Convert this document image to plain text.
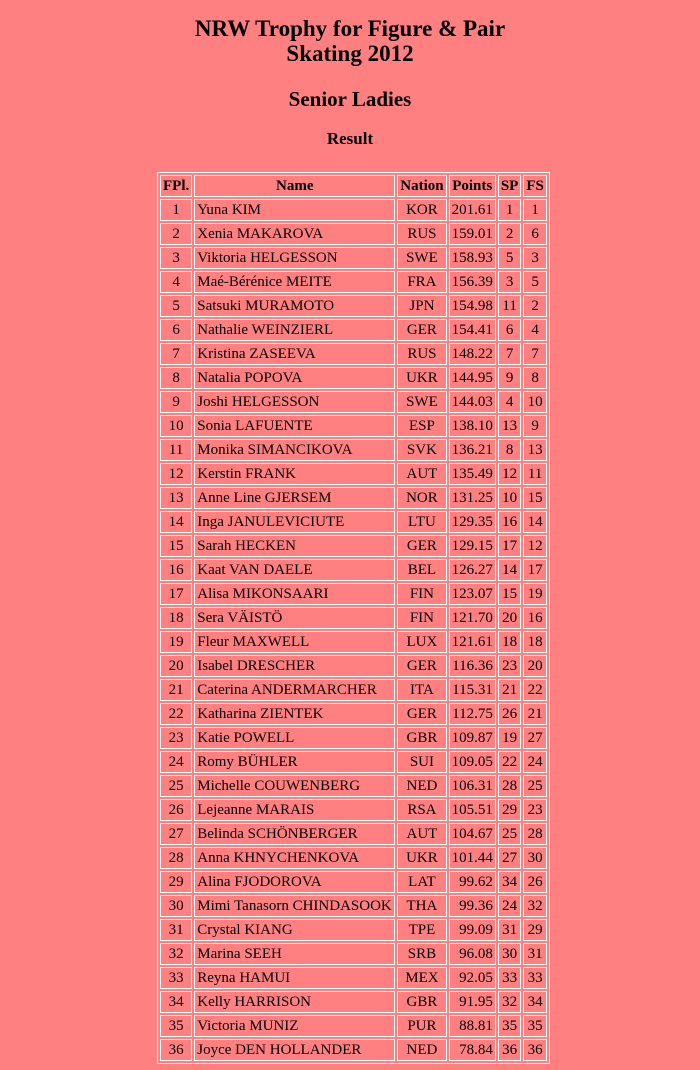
NRW Trophy for Figure & Pair
Skating 2012
Senior Ladies
Result
FPl.	Name	Nation	Points	SP	FS
1	Yuna KIM	KOR	201.61	1	1
2	Xenia MAKAROVA	RUS	159.01	2	6
3	Viktoria HELGESSON	SWE	158.93	5	3
4	Maé-Bérénice MEITE	FRA	156.39	3	5
5	Satsuki MURAMOTO	JPN	154.98	11	2
6	Nathalie WEINZIERL	GER	154.41	6	4
7	Kristina ZASEEVA	RUS	148.22	7	7
8	Natalia POPOVA	UKR	144.95	9	8
9	Joshi HELGESSON	SWE	144.03	4	10
10	Sonia LAFUENTE	ESP	138.10	13	9
11	Monika SIMANCIKOVA	SVK	136.21	8	13
12	Kerstin FRANK	AUT	135.49	12	11
13	Anne Line GJERSEM	NOR	131.25	10	15
14	Inga JANULEVICIUTE	LTU	129.35	16	14
15	Sarah HECKEN	GER	129.15	17	12
16	Kaat VAN DAELE	BEL	126.27	14	17
17	Alisa MIKONSAARI	FIN	123.07	15	19
18	Sera VÄISTÖ	FIN	121.70	20	16
19	Fleur MAXWELL	LUX	121.61	18	18
20	Isabel DRESCHER	GER	116.36	23	20
21	Caterina ANDERMARCHER	ITA	115.31	21	22
22	Katharina ZIENTEK	GER	112.75	26	21
23	Katie POWELL	GBR	109.87	19	27
24	Romy BÜHLER	SUI	109.05	22	24
25	Michelle COUWENBERG	NED	106.31	28	25
26	Lejeanne MARAIS	RSA	105.51	29	23
27	Belinda SCHÖNBERGER	AUT	104.67	25	28
28	Anna KHNYCHENKOVA	UKR	101.44	27	30
29	Alina FJODOROVA	LAT	99.62	34	26
30	Mimi Tanasorn CHINDASOOK	THA	99.36	24	32
31	Crystal KIANG	TPE	99.09	31	29
32	Marina SEEH	SRB	96.08	30	31
33	Reyna HAMUI	MEX	92.05	33	33
34	Kelly HARRISON	GBR	91.95	32	34
35	Victoria MUNIZ	PUR	88.81	35	35
36	Joyce DEN HOLLANDER	NED	78.84	36	36
